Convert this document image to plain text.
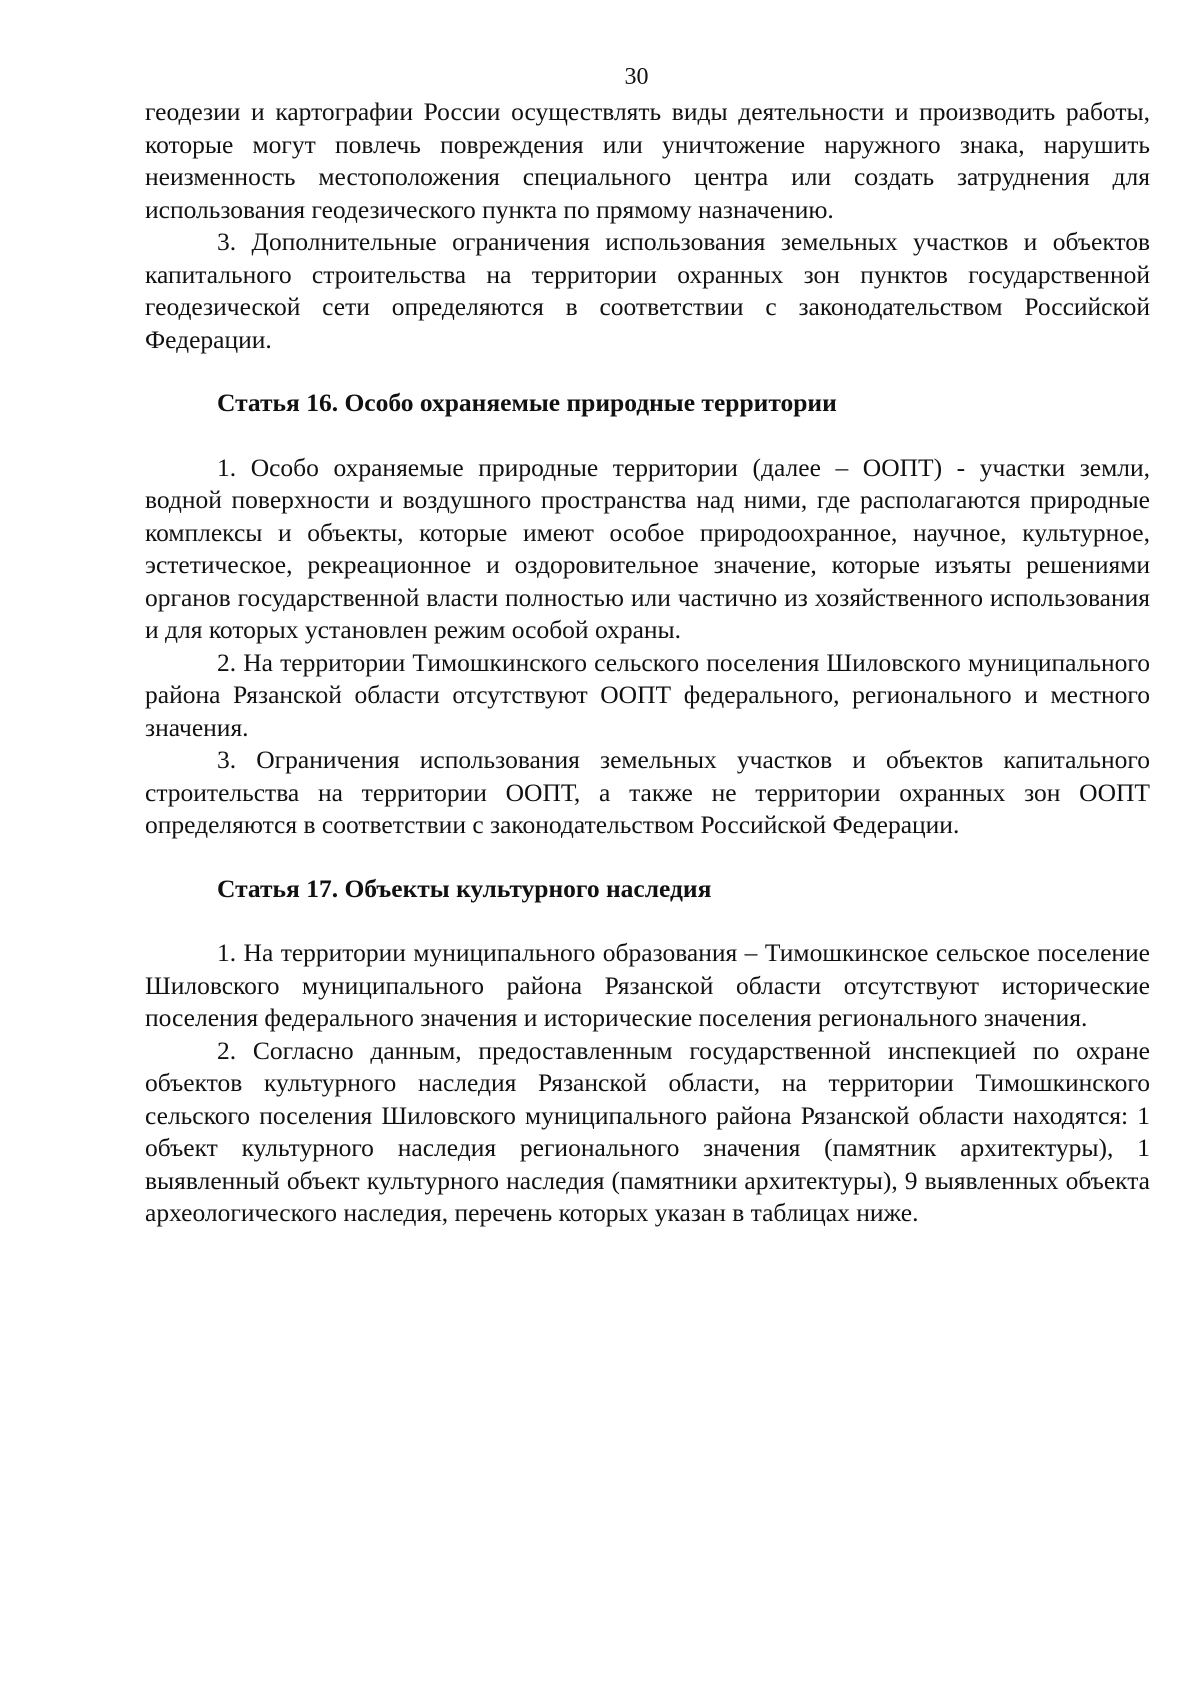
30

геодезии и картографии России осуществлять виды деятельности и производить работы, которые могут повлечь повреждения или уничтожение наружного знака, нарушить неизменность местоположения специального центра или создать затруднения для использования геодезического пункта по прямому назначению.

3. Дополнительные ограничения использования земельных участков и объектов капитального строительства на территории охранных зон пунктов государственной геодезической сети определяются в соответствии с законодательством Российской Федерации.

Статья 16. Особо охраняемые природные территории

1. Особо охраняемые природные территории (далее – ООПТ) - участки земли, водной поверхности и воздушного пространства над ними, где располагаются природные комплексы и объекты, которые имеют особое природоохранное, научное, культурное, эстетическое, рекреационное и оздоровительное значение, которые изъяты решениями органов государственной власти полностью или частично из хозяйственного использования и для которых установлен режим особой охраны.

2. На территории Тимошкинского сельского поселения Шиловского муниципального района Рязанской области отсутствуют ООПТ федерального, регионального и местного значения.

3. Ограничения использования земельных участков и объектов капитального строительства на территории ООПТ, а также не территории охранных зон ООПТ определяются в соответствии с законодательством Российской Федерации.

Статья 17. Объекты культурного наследия

1. На территории муниципального образования – Тимошкинское сельское поселение Шиловского муниципального района Рязанской области отсутствуют исторические поселения федерального значения и исторические поселения регионального значения.

2. Согласно данным, предоставленным государственной инспекцией по охране объектов культурного наследия Рязанской области, на территории Тимошкинского сельского поселения Шиловского муниципального района Рязанской области находятся: 1 объект культурного наследия регионального значения (памятник архитектуры), 1 выявленный объект культурного наследия (памятники архитектуры), 9 выявленных объекта археологического наследия, перечень которых указан в таблицах ниже.
